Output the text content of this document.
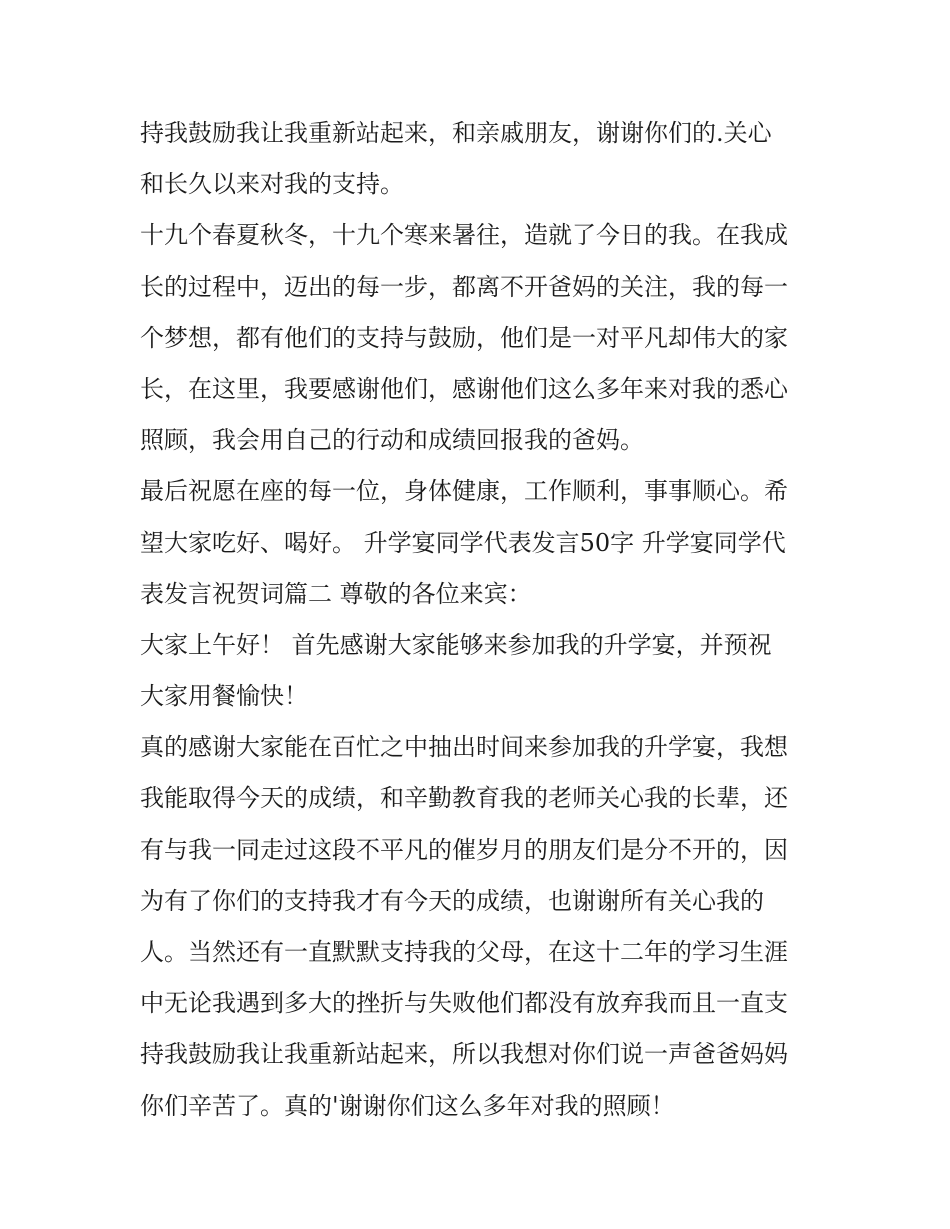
持我鼓励我让我重新站起来，和亲戚朋友，谢谢你们的.关心
和长久以来对我的支持。
十九个春夏秋冬，十九个寒来暑往，造就了今日的我。在我成
长的过程中，迈出的每一步，都离不开爸妈的关注，我的每一
个梦想，都有他们的支持与鼓励，他们是一对平凡却伟大的家
长，在这里，我要感谢他们，感谢他们这么多年来对我的悉心
照顾，我会用自己的行动和成绩回报我的爸妈。
最后祝愿在座的每一位，身体健康，工作顺利，事事顺心。希
望大家吃好、喝好。 升学宴同学代表发言50字 升学宴同学代
表发言祝贺词篇二 尊敬的各位来宾：
大家上午好！ 首先感谢大家能够来参加我的升学宴，并预祝
大家用餐愉快！
真的感谢大家能在百忙之中抽出时间来参加我的升学宴，我想
我能取得今天的成绩，和辛勤教育我的老师关心我的长辈，还
有与我一同走过这段不平凡的催岁月的朋友们是分不开的，因
为有了你们的支持我才有今天的成绩，也谢谢所有关心我的
人。当然还有一直默默支持我的父母，在这十二年的学习生涯
中无论我遇到多大的挫折与失败他们都没有放弃我而且一直支
持我鼓励我让我重新站起来，所以我想对你们说一声爸爸妈妈
你们辛苦了。真的'谢谢你们这么多年对我的照顾！
